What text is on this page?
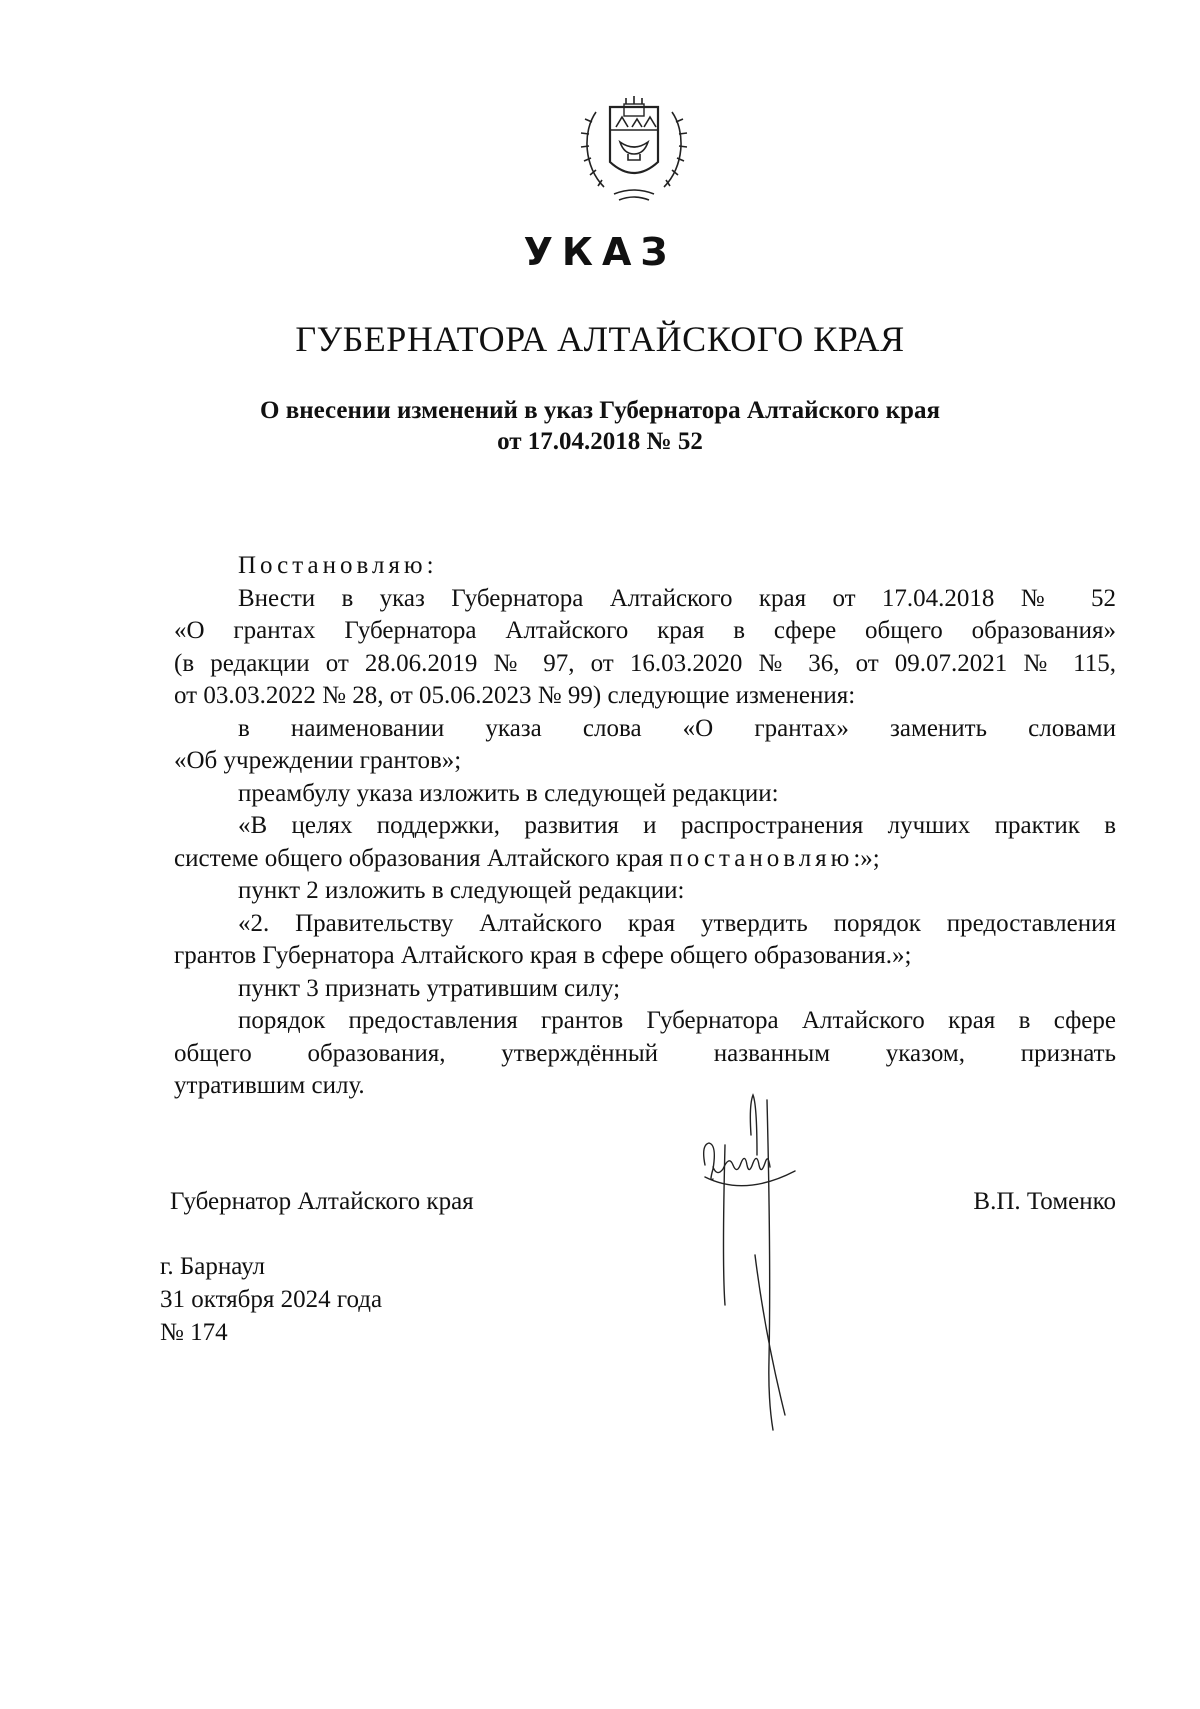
УКАЗ
ГУБЕРНАТОРА АЛТАЙСКОГО КРАЯ
О внесении изменений в указ Губернатора Алтайского края
от 17.04.2018 № 52

Постановляю:

Внести в указ Губернатора Алтайского края от 17.04.2018 № 52

«О грантах Губернатора Алтайского края в сфере общего образования»

(в редакции от 28.06.2019 № 97, от 16.03.2020 № 36, от 09.07.2021 № 115,

от 03.03.2022 № 28, от 05.06.2023 № 99) следующие изменения:

в наименовании указа слова «О грантах» заменить словами

«Об учреждении грантов»;

преамбулу указа изложить в следующей редакции:

«В целях поддержки, развития и распространения лучших практик в

системе общего образования Алтайского края постановляю:»;

пункт 2 изложить в следующей редакции:

«2. Правительству Алтайского края утвердить порядок предоставления

грантов Губернатора Алтайского края в сфере общего образования.»;

пункт 3 признать утратившим силу;

порядок предоставления грантов Губернатора Алтайского края в сфере

общего образования, утверждённый названным указом, признать

утратившим силу.

Губернатор Алтайского края	В.П. Томенко
г. Барнаул
31 октября 2024 года
№ 174
